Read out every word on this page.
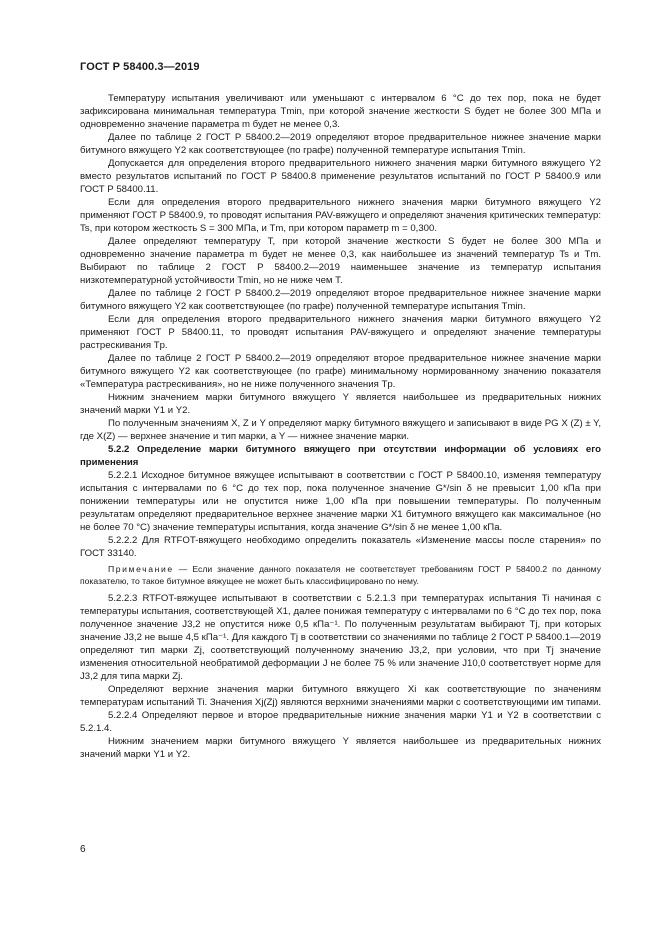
ГОСТ Р 58400.3—2019

Температуру испытания увеличивают или уменьшают с интервалом 6 °С до тех пор, пока не будет зафиксирована минимальная температура Tmin, при которой значение жесткости S будет не более 300 МПа и одновременно значение параметра m будет не менее 0,3.

Далее по таблице 2 ГОСТ Р 58400.2—2019 определяют второе предварительное нижнее значение марки битумного вяжущего Y2 как соответствующее (по графе) полученной температуре испытания Tmin.

Допускается для определения второго предварительного нижнего значения марки битумного вяжущего Y2 вместо результатов испытаний по ГОСТ Р 58400.8 применение результатов испытаний по ГОСТ Р 58400.9 или ГОСТ Р 58400.11.

Если для определения второго предварительного нижнего значения марки битумного вяжущего Y2 применяют ГОСТ Р 58400.9, то проводят испытания PAV-вяжущего и определяют значения критических температур: Ts, при котором жесткость S = 300 МПа, и Tm, при котором параметр m = 0,300.

Далее определяют температуру T, при которой значение жесткости S будет не более 300 МПа и одновременно значение параметра m будет не менее 0,3, как наибольшее из значений температур Ts и Tm. Выбирают по таблице 2 ГОСТ Р 58400.2—2019 наименьшее значение из температур испытания низкотемпературной устойчивости Tmin, но не ниже чем T.

Далее по таблице 2 ГОСТ Р 58400.2—2019 определяют второе предварительное нижнее значение марки битумного вяжущего Y2 как соответствующее (по графе) полученной температуре испытания Tmin.

Если для определения второго предварительного нижнего значения марки битумного вяжущего Y2 применяют ГОСТ Р 58400.11, то проводят испытания PAV-вяжущего и определяют значение температуры растрескивания Tр.

Далее по таблице 2 ГОСТ Р 58400.2—2019 определяют второе предварительное нижнее значение марки битумного вяжущего Y2 как соответствующее (по графе) минимальному нормированному значению показателя «Температура растрескивания», но не ниже полученного значения Tр.

Нижним значением марки битумного вяжущего Y является наибольшее из предварительных нижних значений марки Y1 и Y2.

По полученным значениям X, Z и Y определяют марку битумного вяжущего и записывают в виде PG X (Z) ± Y, где X(Z) — верхнее значение и тип марки, а Y — нижнее значение марки.

5.2.2 Определение марки битумного вяжущего при отсутствии информации об условиях его применения

5.2.2.1 Исходное битумное вяжущее испытывают в соответствии с ГОСТ Р 58400.10, изменяя температуру испытания с интервалами по 6 °С до тех пор, пока полученное значение G*/sin δ не превысит 1,00 кПа при понижении температуры или не опустится ниже 1,00 кПа при повышении температуры. По полученным результатам определяют предварительное верхнее значение марки X1 битумного вяжущего как максимальное (но не более 70 °С) значение температуры испытания, когда значение G*/sin δ не менее 1,00 кПа.

5.2.2.2 Для RTFOT-вяжущего необходимо определить показатель «Изменение массы после старения» по ГОСТ 33140.

Примечание — Если значение данного показателя не соответствует требованиям ГОСТ Р 58400.2 по данному показателю, то такое битумное вяжущее не может быть классифицировано по нему.

5.2.2.3 RTFOT-вяжущее испытывают в соответствии с 5.2.1.3 при температурах испытания Ti начиная с температуры испытания, соответствующей X1, далее понижая температуру с интервалами по 6 °С до тех пор, пока полученное значение J3,2 не опустится ниже 0,5 кПа⁻¹. По полученным результатам выбирают Tj, при которых значение J3,2 не выше 4,5 кПа⁻¹. Для каждого Tj в соответствии со значениями по таблице 2 ГОСТ Р 58400.1—2019 определяют тип марки Zj, соответствующий полученному значению J3,2, при условии, что при Tj значение изменения относительной необратимой деформации J не более 75 % или значение J10,0 соответствует норме для J3,2 для типа марки Zj.

Определяют верхние значения марки битумного вяжущего Xi как соответствующие по значениям температурам испытаний Ti. Значения Xj(Zj) являются верхними значениями марки с соответствующими им типами.

5.2.2.4 Определяют первое и второе предварительные нижние значения марки Y1 и Y2 в соответствии с 5.2.1.4.

Нижним значением марки битумного вяжущего Y является наибольшее из предварительных нижних значений марки Y1 и Y2.

6
